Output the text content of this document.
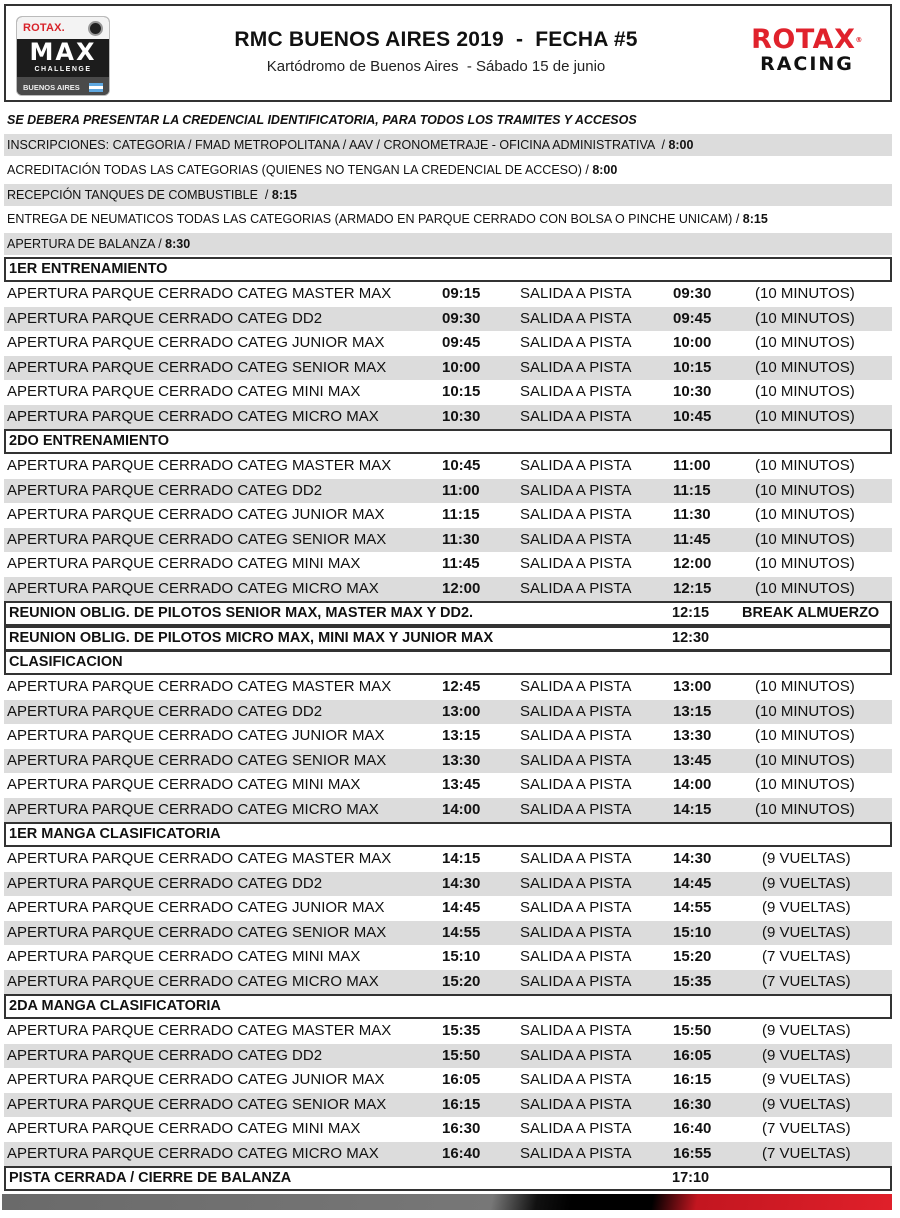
ROTAX.
MAX
CHALLENGE
BUENOS AIRES
RMC BUENOS AIRES 2019  -  FECHA #5
Kartódromo de Buenos Aires  - Sábado 15 de junio
ROTAX®
RACING
SE DEBERA PRESENTAR LA CREDENCIAL IDENTIFICATORIA, PARA TODOS LOS TRAMITES Y ACCESOS
INSCRIPCIONES: CATEGORIA / FMAD METROPOLITANA / AAV / CRONOMETRAJE - OFICINA ADMINISTRATIVA  / 8:00
ACREDITACIÓN TODAS LAS CATEGORIAS (QUIENES NO TENGAN LA CREDENCIAL DE ACCESO) / 8:00
RECEPCIÓN TANQUES DE COMBUSTIBLE  / 8:15
ENTREGA DE NEUMATICOS TODAS LAS CATEGORIAS (ARMADO EN PARQUE CERRADO CON BOLSA O PINCHE UNICAM) / 8:15
APERTURA DE BALANZA / 8:30
1ER ENTRENAMIENTO
APERTURA PARQUE CERRADO CATEG MASTER MAX	09:15	SALIDA A PISTA	09:30	(10 MINUTOS)
APERTURA PARQUE CERRADO CATEG DD2	09:30	SALIDA A PISTA	09:45	(10 MINUTOS)
APERTURA PARQUE CERRADO CATEG JUNIOR MAX	09:45	SALIDA A PISTA	10:00	(10 MINUTOS)
APERTURA PARQUE CERRADO CATEG SENIOR MAX	10:00	SALIDA A PISTA	10:15	(10 MINUTOS)
APERTURA PARQUE CERRADO CATEG MINI MAX	10:15	SALIDA A PISTA	10:30	(10 MINUTOS)
APERTURA PARQUE CERRADO CATEG MICRO MAX	10:30	SALIDA A PISTA	10:45	(10 MINUTOS)
2DO ENTRENAMIENTO
APERTURA PARQUE CERRADO CATEG MASTER MAX	10:45	SALIDA A PISTA	11:00	(10 MINUTOS)
APERTURA PARQUE CERRADO CATEG DD2	11:00	SALIDA A PISTA	11:15	(10 MINUTOS)
APERTURA PARQUE CERRADO CATEG JUNIOR MAX	11:15	SALIDA A PISTA	11:30	(10 MINUTOS)
APERTURA PARQUE CERRADO CATEG SENIOR MAX	11:30	SALIDA A PISTA	11:45	(10 MINUTOS)
APERTURA PARQUE CERRADO CATEG MINI MAX	11:45	SALIDA A PISTA	12:00	(10 MINUTOS)
APERTURA PARQUE CERRADO CATEG MICRO MAX	12:00	SALIDA A PISTA	12:15	(10 MINUTOS)
REUNION OBLIG. DE PILOTOS SENIOR MAX, MASTER MAX Y DD2.	12:15 BREAK ALMUERZO
REUNION OBLIG. DE PILOTOS MICRO MAX, MINI MAX Y JUNIOR MAX	12:30
CLASIFICACION
APERTURA PARQUE CERRADO CATEG MASTER MAX	12:45	SALIDA A PISTA	13:00	(10 MINUTOS)
APERTURA PARQUE CERRADO CATEG DD2	13:00	SALIDA A PISTA	13:15	(10 MINUTOS)
APERTURA PARQUE CERRADO CATEG JUNIOR MAX	13:15	SALIDA A PISTA	13:30	(10 MINUTOS)
APERTURA PARQUE CERRADO CATEG SENIOR MAX	13:30	SALIDA A PISTA	13:45	(10 MINUTOS)
APERTURA PARQUE CERRADO CATEG MINI MAX	13:45	SALIDA A PISTA	14:00	(10 MINUTOS)
APERTURA PARQUE CERRADO CATEG MICRO MAX	14:00	SALIDA A PISTA	14:15	(10 MINUTOS)
1ER MANGA CLASIFICATORIA
APERTURA PARQUE CERRADO CATEG MASTER MAX	14:15	SALIDA A PISTA	14:30	(9 VUELTAS)
APERTURA PARQUE CERRADO CATEG DD2	14:30	SALIDA A PISTA	14:45	(9 VUELTAS)
APERTURA PARQUE CERRADO CATEG JUNIOR MAX	14:45	SALIDA A PISTA	14:55	(9 VUELTAS)
APERTURA PARQUE CERRADO CATEG SENIOR MAX	14:55	SALIDA A PISTA	15:10	(9 VUELTAS)
APERTURA PARQUE CERRADO CATEG MINI MAX	15:10	SALIDA A PISTA	15:20	(7 VUELTAS)
APERTURA PARQUE CERRADO CATEG MICRO MAX	15:20	SALIDA A PISTA	15:35	(7 VUELTAS)
2DA MANGA CLASIFICATORIA
APERTURA PARQUE CERRADO CATEG MASTER MAX	15:35	SALIDA A PISTA	15:50	(9 VUELTAS)
APERTURA PARQUE CERRADO CATEG DD2	15:50	SALIDA A PISTA	16:05	(9 VUELTAS)
APERTURA PARQUE CERRADO CATEG JUNIOR MAX	16:05	SALIDA A PISTA	16:15	(9 VUELTAS)
APERTURA PARQUE CERRADO CATEG SENIOR MAX	16:15	SALIDA A PISTA	16:30	(9 VUELTAS)
APERTURA PARQUE CERRADO CATEG MINI MAX	16:30	SALIDA A PISTA	16:40	(7 VUELTAS)
APERTURA PARQUE CERRADO CATEG MICRO MAX	16:40	SALIDA A PISTA	16:55	(7 VUELTAS)
PISTA CERRADA / CIERRE DE BALANZA	17:10
